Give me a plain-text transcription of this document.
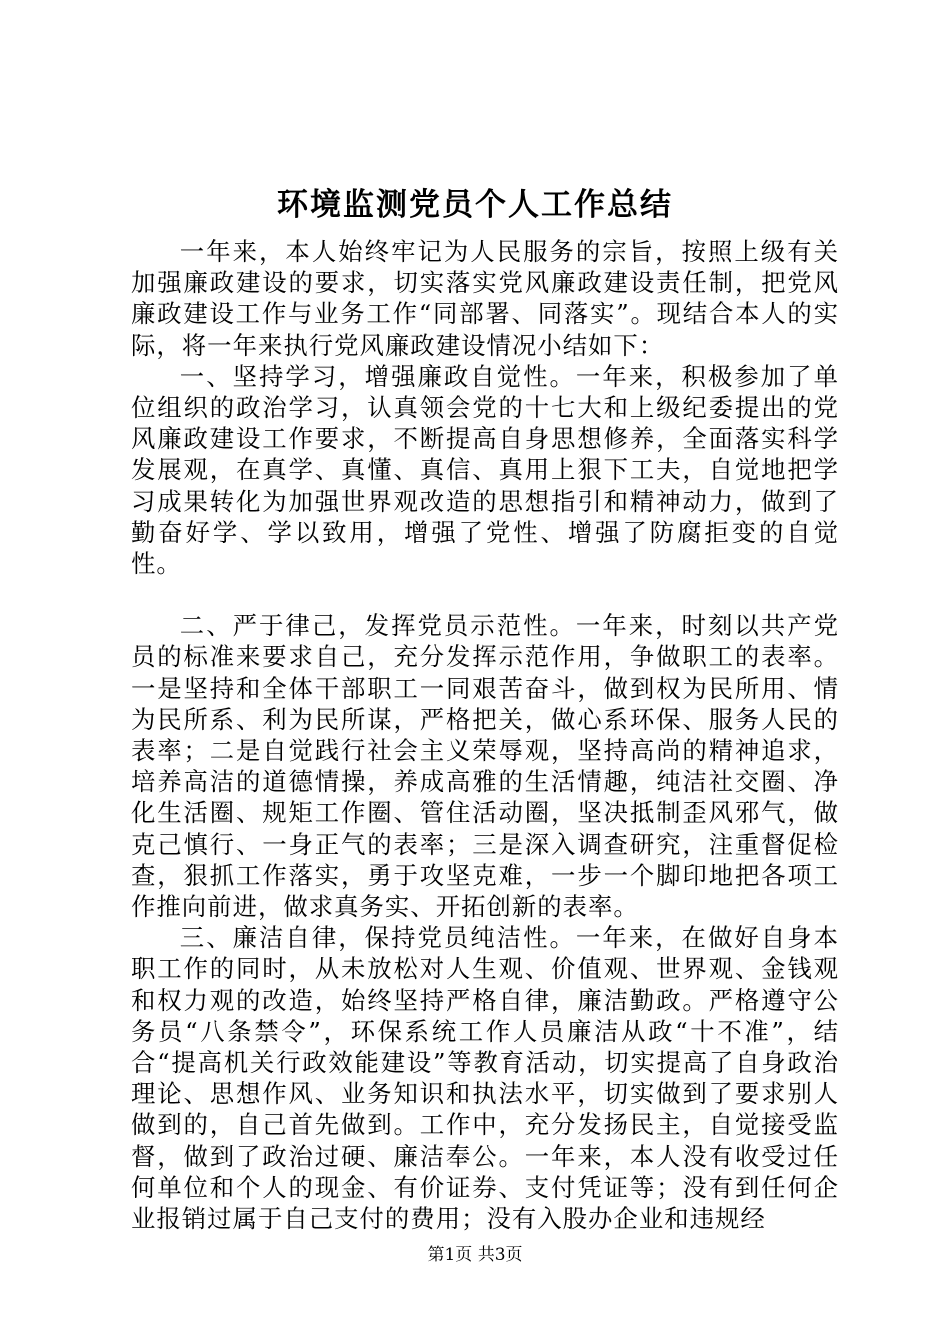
环境监测党员个人工作总结

一年来，本人始终牢记为人民服务的宗旨，按照上级有关加强廉政建设的要求，切实落实党风廉政建设责任制，把党风廉政建设工作与业务工作“同部署、同落实”。现结合本人的实际，将一年来执行党风廉政建设情况小结如下：

一、坚持学习，增强廉政自觉性。一年来，积极参加了单位组织的政治学习，认真领会党的十七大和上级纪委提出的党风廉政建设工作要求，不断提高自身思想修养，全面落实科学发展观，在真学、真懂、真信、真用上狠下工夫，自觉地把学习成果转化为加强世界观改造的思想指引和精神动力，做到了勤奋好学、学以致用，增强了党性、增强了防腐拒变的自觉性。

二、严于律己，发挥党员示范性。一年来，时刻以共产党员的标准来要求自己，充分发挥示范作用，争做职工的表率。一是坚持和全体干部职工一同艰苦奋斗，做到权为民所用、情为民所系、利为民所谋，严格把关，做心系环保、服务人民的表率；二是自觉践行社会主义荣辱观，坚持高尚的精神追求，培养高洁的道德情操，养成高雅的生活情趣，纯洁社交圈、净化生活圈、规矩工作圈、管住活动圈，坚决抵制歪风邪气，做克己慎行、一身正气的表率；三是深入调查研究，注重督促检查，狠抓工作落实，勇于攻坚克难，一步一个脚印地把各项工作推向前进，做求真务实、开拓创新的表率。

三、廉洁自律，保持党员纯洁性。一年来，在做好自身本职工作的同时，从未放松对人生观、价值观、世界观、金钱观和权力观的改造，始终坚持严格自律，廉洁勤政。严格遵守公务员“八条禁令”，环保系统工作人员廉洁从政“十不准”，结合“提高机关行政效能建设”等教育活动，切实提高了自身政治理论、思想作风、业务知识和执法水平，切实做到了要求别人做到的，自己首先做到。工作中，充分发扬民主，自觉接受监督，做到了政治过硬、廉洁奉公。一年来，本人没有收受过任何单位和个人的现金、有价证券、支付凭证等；没有到任何企业报销过属于自己支付的费用；没有入股办企业和违规经

第1页 共3页
